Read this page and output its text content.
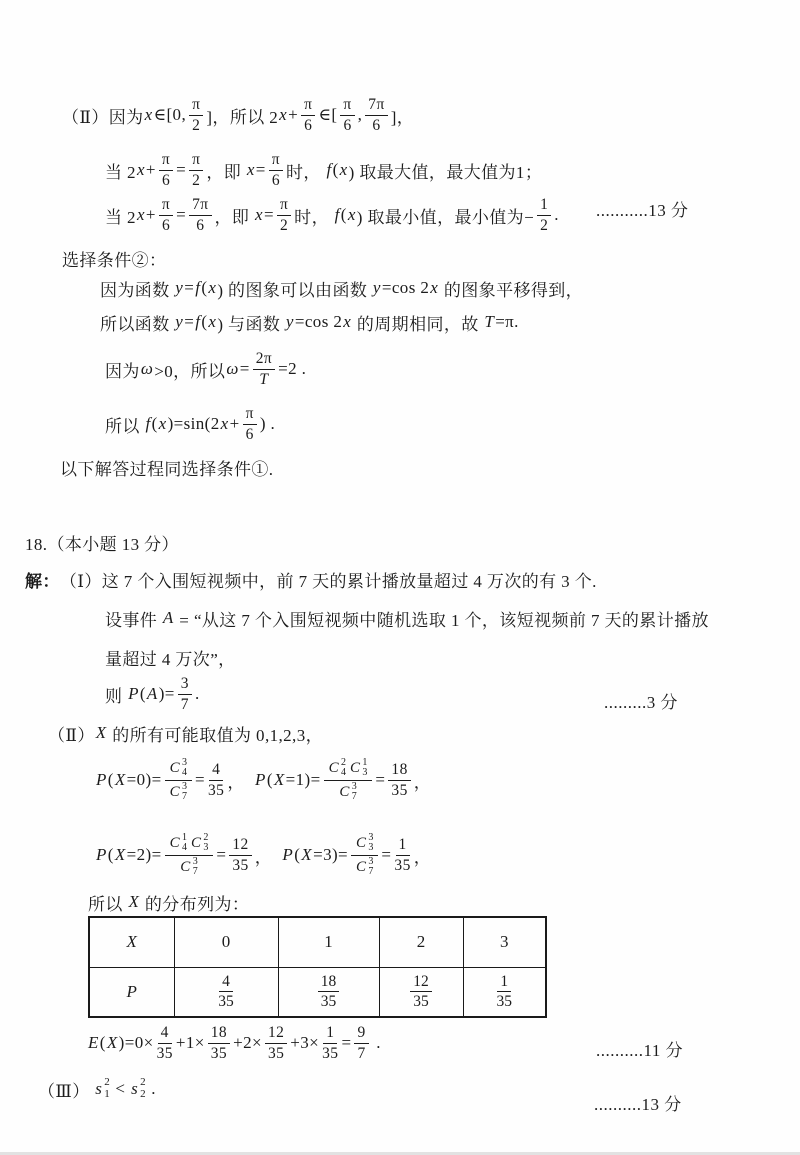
（Ⅱ）因为 x ∈[0, $\frac{\pi}{2}$ ]，所以 2 $x + \frac{\pi}{6}$ ∈[ $\frac{\pi}{6}$ , $\frac{7\pi}{6}$ ]，
当 2 $x + \frac{\pi}{6} = \frac{\pi}{2}$ ，即 $x = \frac{\pi}{6}$ 时， f ( x ) 取最大值，最大值为1；
当 2 $x + \frac{\pi}{6} = \frac{7\pi}{6}$ ，即 $x = \frac{\pi}{2}$ 时， f ( x ) 取最小值，最小值为− $\frac{1}{2}$ .
选择条件②：
因为函数 y = f ( x ) 的图象可以由函数 y =cos 2 x 的图象平移得到，
所以函数 y = f ( x ) 与函数 y =cos 2 x 的周期相同，故 T =π.
因为 ω >0，所以 $\omega = \frac{2\pi}{T} =2$ .
所以 f ( x )=sin(2 $x + \frac{\pi}{6}$ ) .
以下解答过程同选择条件①.
18.（本小题 13 分）
解： （Ⅰ）这 7 个入围短视频中，前 7 天的累计播放量超过 4 万次的有 3 个.
设事件 A = “从这 7 个入围短视频中随机选取 1 个，该短视频前 7 天的累计播放
量超过 4 万次”，
则 P ( A )= $\frac{3}{7}$ .
（Ⅱ） X 的所有可能取值为 0,1,2,3，
P ( X =0)= C 3
4
C 3
$7 = \frac{4}{35}$ ， P ( X =1)= C 2
4 C 1
3
C 3
$7 = \frac{18}{35}$ ，
P ( X =2)= C 1
4 C 2
3
C 3
$7 = \frac{12}{35}$ ， P ( X =3)= C 3
3
C 3
$7 = \frac{1}{35}$ ，
所以 X 的分布列为：
E ( X )$=0\times \frac{4}{35} +1\times \frac{18}{35} +2\times \frac{12}{35} +3\times \frac{1}{35} = \frac{9}{7}$ .
（Ⅲ） s 2
1 < s 2
2 .
...........13 分
.........3 分
..........11 分
..........13 分
X	0	1	2	3
P	$\frac{4}{35}$	$\frac{18}{35}$	$\frac{12}{35}$	$\frac{1}{35}$
